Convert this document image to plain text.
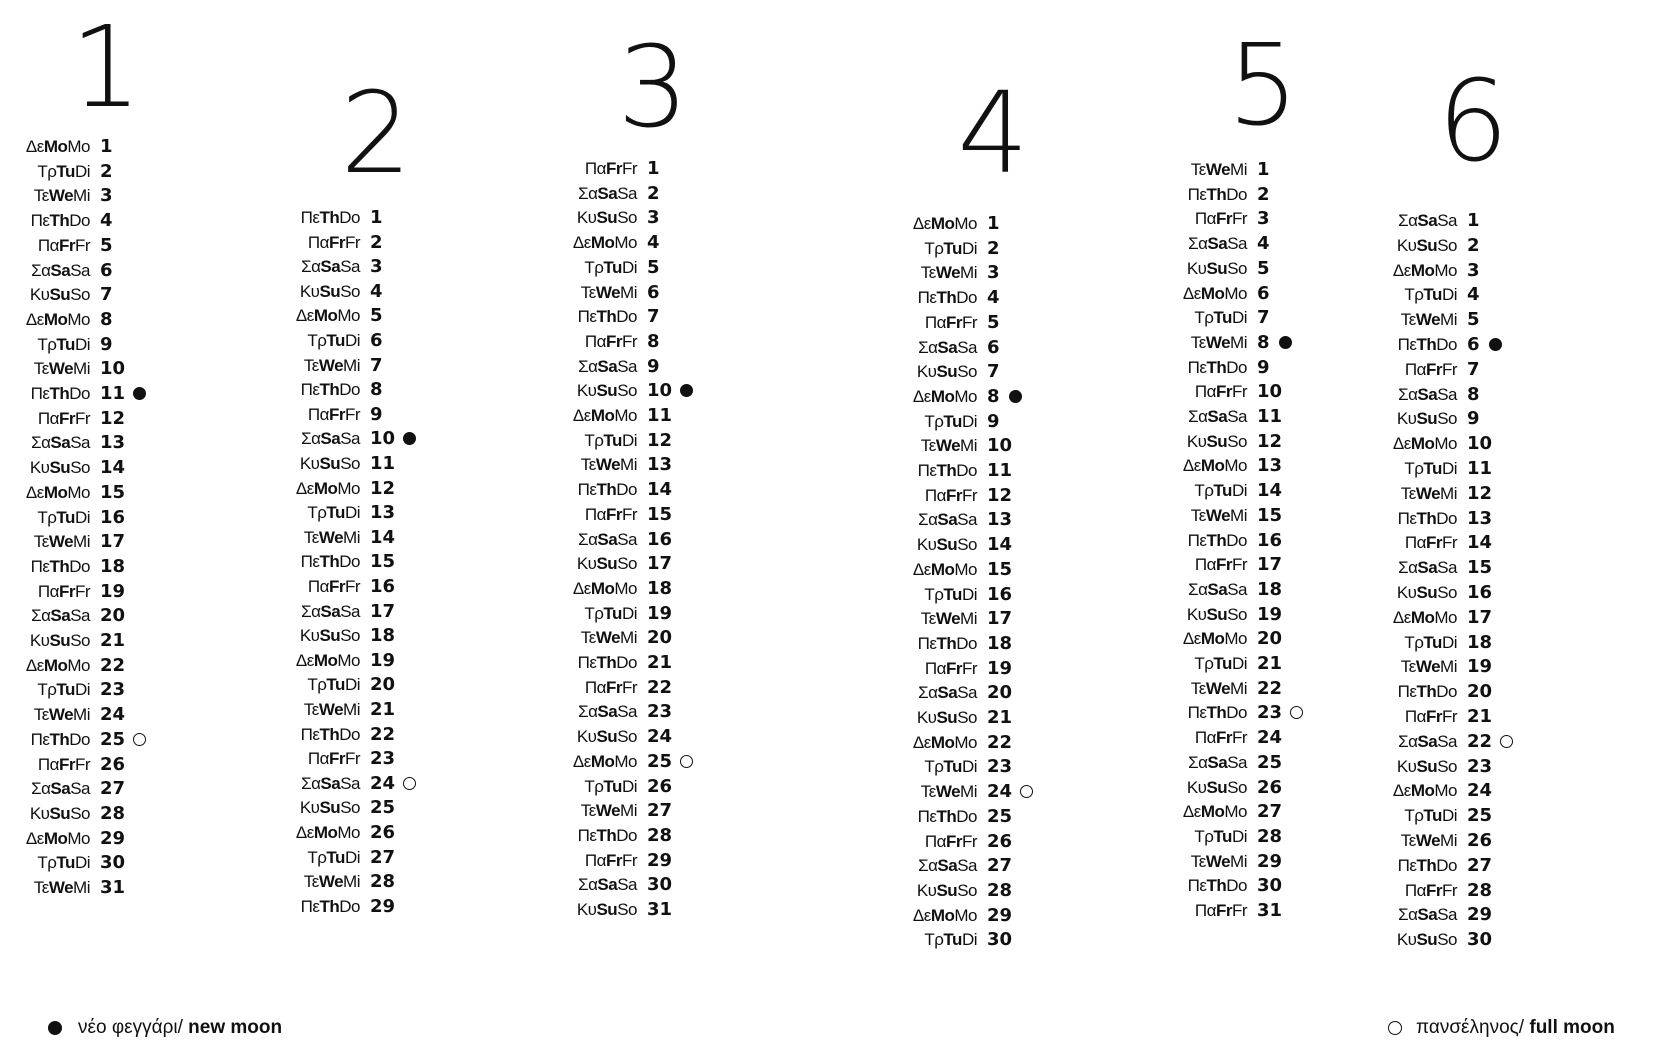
1
ΔεMoMo 1
ΤρTuDi 2
ΤεWeMi 3
ΠεThDo 4
ΠαFrFr 5
ΣαSaSa 6
ΚυSuSo 7
ΔεMoMo 8
ΤρTuDi 9
ΤεWeMi 10
ΠεThDo 11
ΠαFrFr 12
ΣαSaSa 13
ΚυSuSo 14
ΔεMoMo 15
ΤρTuDi 16
ΤεWeMi 17
ΠεThDo 18
ΠαFrFr 19
ΣαSaSa 20
ΚυSuSo 21
ΔεMoMo 22
ΤρTuDi 23
ΤεWeMi 24
ΠεThDo 25
ΠαFrFr 26
ΣαSaSa 27
ΚυSuSo 28
ΔεMoMo 29
ΤρTuDi 30
ΤεWeMi 31
2
ΠεThDo 1
ΠαFrFr 2
ΣαSaSa 3
ΚυSuSo 4
ΔεMoMo 5
ΤρTuDi 6
ΤεWeMi 7
ΠεThDo 8
ΠαFrFr 9
ΣαSaSa 10
ΚυSuSo 11
ΔεMoMo 12
ΤρTuDi 13
ΤεWeMi 14
ΠεThDo 15
ΠαFrFr 16
ΣαSaSa 17
ΚυSuSo 18
ΔεMoMo 19
ΤρTuDi 20
ΤεWeMi 21
ΠεThDo 22
ΠαFrFr 23
ΣαSaSa 24
ΚυSuSo 25
ΔεMoMo 26
ΤρTuDi 27
ΤεWeMi 28
ΠεThDo 29
3
ΠαFrFr 1
ΣαSaSa 2
ΚυSuSo 3
ΔεMoMo 4
ΤρTuDi 5
ΤεWeMi 6
ΠεThDo 7
ΠαFrFr 8
ΣαSaSa 9
ΚυSuSo 10
ΔεMoMo 11
ΤρTuDi 12
ΤεWeMi 13
ΠεThDo 14
ΠαFrFr 15
ΣαSaSa 16
ΚυSuSo 17
ΔεMoMo 18
ΤρTuDi 19
ΤεWeMi 20
ΠεThDo 21
ΠαFrFr 22
ΣαSaSa 23
ΚυSuSo 24
ΔεMoMo 25
ΤρTuDi 26
ΤεWeMi 27
ΠεThDo 28
ΠαFrFr 29
ΣαSaSa 30
ΚυSuSo 31
4
ΔεMoMo 1
ΤρTuDi 2
ΤεWeMi 3
ΠεThDo 4
ΠαFrFr 5
ΣαSaSa 6
ΚυSuSo 7
ΔεMoMo 8
ΤρTuDi 9
ΤεWeMi 10
ΠεThDo 11
ΠαFrFr 12
ΣαSaSa 13
ΚυSuSo 14
ΔεMoMo 15
ΤρTuDi 16
ΤεWeMi 17
ΠεThDo 18
ΠαFrFr 19
ΣαSaSa 20
ΚυSuSo 21
ΔεMoMo 22
ΤρTuDi 23
ΤεWeMi 24
ΠεThDo 25
ΠαFrFr 26
ΣαSaSa 27
ΚυSuSo 28
ΔεMoMo 29
ΤρTuDi 30
5
ΤεWeMi 1
ΠεThDo 2
ΠαFrFr 3
ΣαSaSa 4
ΚυSuSo 5
ΔεMoMo 6
ΤρTuDi 7
ΤεWeMi 8
ΠεThDo 9
ΠαFrFr 10
ΣαSaSa 11
ΚυSuSo 12
ΔεMoMo 13
ΤρTuDi 14
ΤεWeMi 15
ΠεThDo 16
ΠαFrFr 17
ΣαSaSa 18
ΚυSuSo 19
ΔεMoMo 20
ΤρTuDi 21
ΤεWeMi 22
ΠεThDo 23
ΠαFrFr 24
ΣαSaSa 25
ΚυSuSo 26
ΔεMoMo 27
ΤρTuDi 28
ΤεWeMi 29
ΠεThDo 30
ΠαFrFr 31
6
ΣαSaSa 1
ΚυSuSo 2
ΔεMoMo 3
ΤρTuDi 4
ΤεWeMi 5
ΠεThDo 6
ΠαFrFr 7
ΣαSaSa 8
ΚυSuSo 9
ΔεMoMo 10
ΤρTuDi 11
ΤεWeMi 12
ΠεThDo 13
ΠαFrFr 14
ΣαSaSa 15
ΚυSuSo 16
ΔεMoMo 17
ΤρTuDi 18
ΤεWeMi 19
ΠεThDo 20
ΠαFrFr 21
ΣαSaSa 22
ΚυSuSo 23
ΔεMoMo 24
ΤρTuDi 25
ΤεWeMi 26
ΠεThDo 27
ΠαFrFr 28
ΣαSaSa 29
ΚυSuSo 30
νέο φεγγάρι/ new moon	πανσέληνος/ full moon
